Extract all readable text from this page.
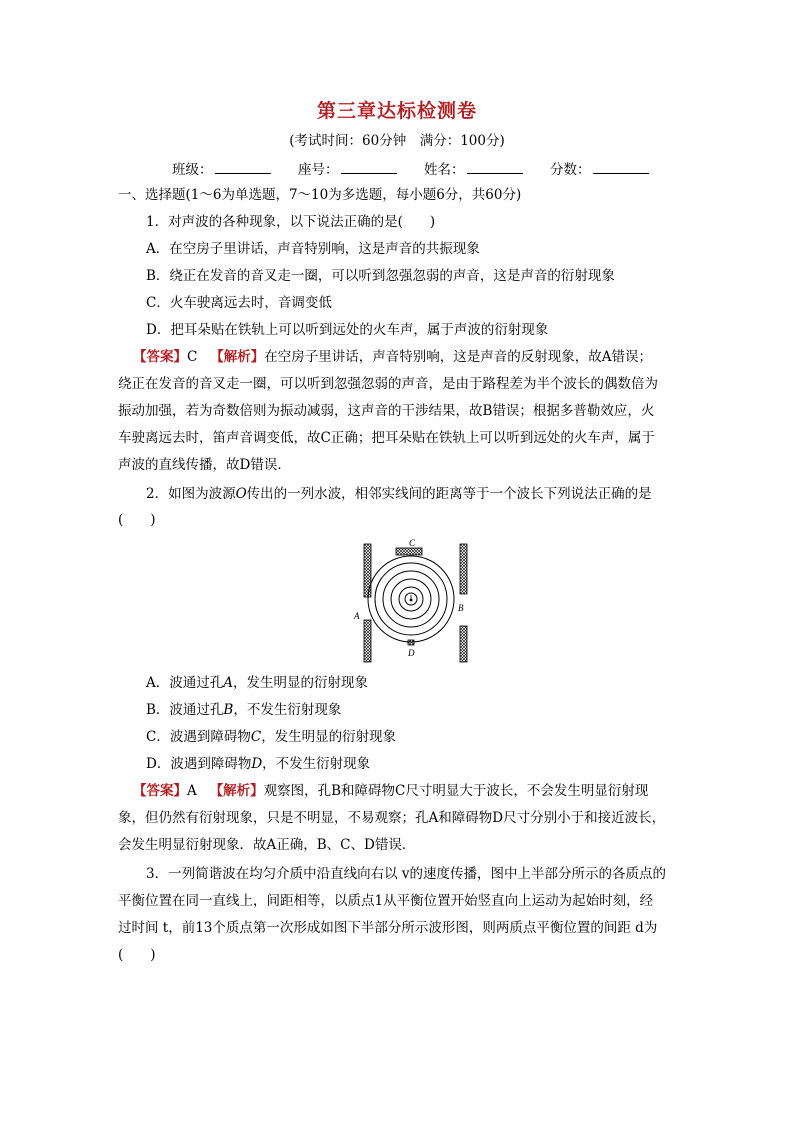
第三章达标检测卷
(考试时间：60分钟　满分：100分)
班级：	座号：	姓名：	分数：
一、选择题(1～6为单选题，7～10为多选题，每小题6分，共60分)
1．对声波的各种现象，以下说法正确的是(　　)
A．在空房子里讲话，声音特别响，这是声音的共振现象
B．绕正在发音的音叉走一圈，可以听到忽强忽弱的声音，这是声音的衍射现象
C．火车驶离远去时，音调变低
D．把耳朵贴在铁轨上可以听到远处的火车声，属于声波的衍射现象
【答案】C 【解析】在空房子里讲话，声音特别响，这是声音的反射现象，故A错误；
绕正在发音的音叉走一圈，可以听到忽强忽弱的声音，是由于路程差为半个波长的偶数倍为
振动加强，若为奇数倍则为振动减弱，这声音的干涉结果，故B错误；根据多普勒效应，火
车驶离远去时，笛声音调变低，故C正确；把耳朵贴在铁轨上可以听到远处的火车声，属于
声波的直线传播，故D错误．
2．如图为波源O传出的一列水波，相邻实线间的距离等于一个波长下列说法正确的是
(　　)
C
A
B
D
A．波通过孔A，发生明显的衍射现象
B．波通过孔B，不发生衍射现象
C．波遇到障碍物C，发生明显的衍射现象
D．波遇到障碍物D，不发生衍射现象
【答案】A 【解析】观察图，孔B和障碍物C尺寸明显大于波长，不会发生明显衍射现
象，但仍然有衍射现象，只是不明显，不易观察；孔A和障碍物D尺寸分别小于和接近波长，
会发生明显衍射现象．故A正确，B、C、D错误．
3．一列简谐波在均匀介质中沿直线向右以 v的速度传播，图中上半部分所示的各质点的
平衡位置在同一直线上，间距相等，以质点1从平衡位置开始竖直向上运动为起始时刻，经
过时间 t，前13个质点第一次形成如图下半部分所示波形图，则两质点平衡位置的间距 d为
(　　)
